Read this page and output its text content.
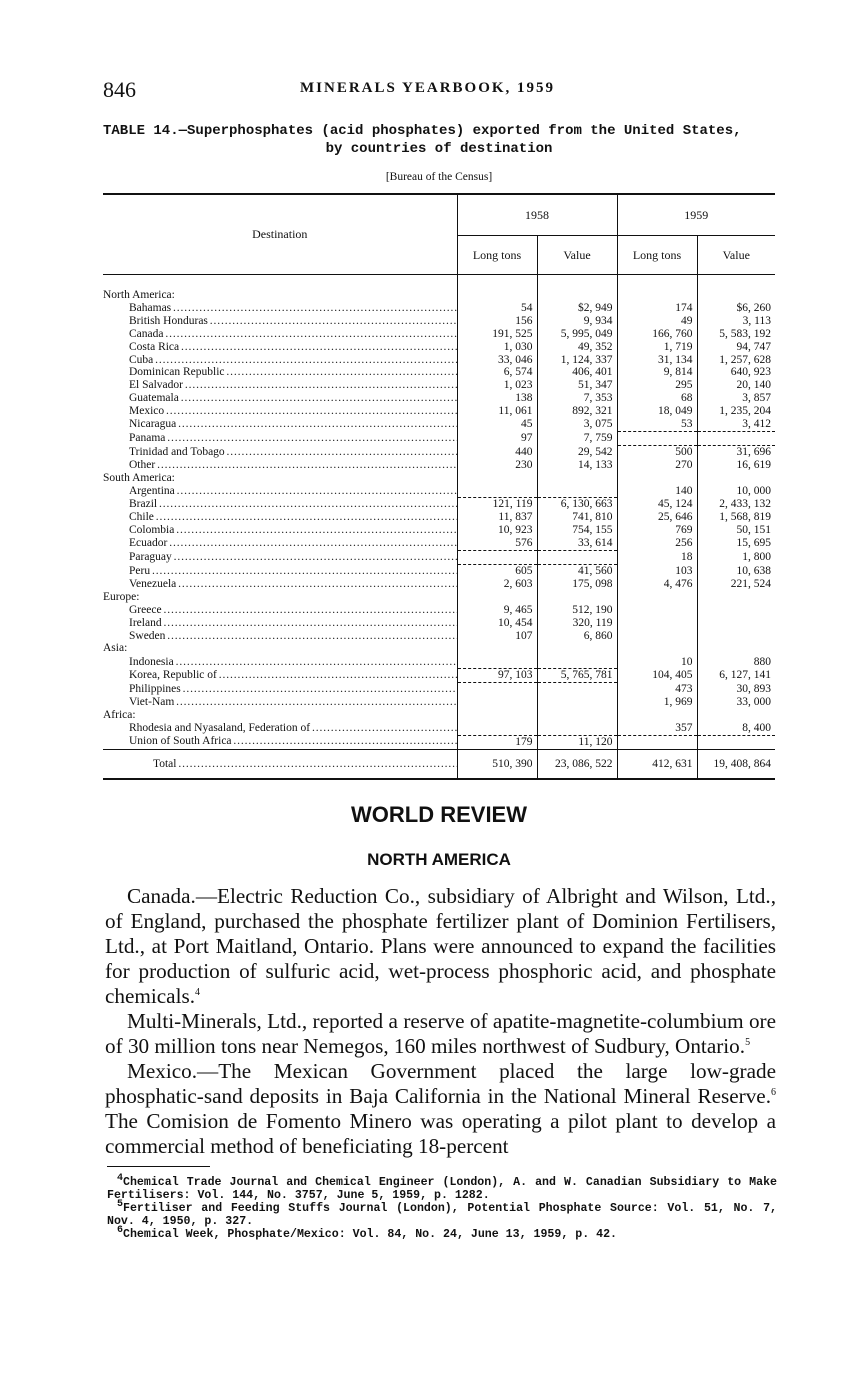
846	MINERALS YEARBOOK, 1959
TABLE 14.—Superphosphates (acid phosphates) exported from the United States,
by countries of destination
[Bureau of the Census]
Destination	1958		1959	
	Long tons	Value	Long tons	Value

North America:				

Bahamas . . .	54	$2, 949	174	$6, 260

British Honduras . . .	156	9, 934	49	3, 113

Canada . . .	191, 525	5, 995, 049	166, 760	5, 583, 192

Costa Rica . . .	1, 030	49, 352	1, 719	94, 747

Cuba . . .	33, 046	1, 124, 337	31, 134	1, 257, 628

Dominican Republic . . .	6, 574	406, 401	9, 814	640, 923

El Salvador . . .	1, 023	51, 347	295	20, 140

Guatemala . . .	138	7, 353	68	3, 857

Mexico . . .	11, 061	892, 321	18, 049	1, 235, 204

Nicaragua . . .	45	3, 075	53	3, 412

Panama . . .	97	7, 759		

Trinidad and Tobago . . .	440	29, 542	500	31, 696

Other . . .	230	14, 133	270	16, 619

South America:				

Argentina . . .			140	10, 000

Brazil . . .	121, 119	6, 130, 663	45, 124	2, 433, 132

Chile . . .	11, 837	741, 810	25, 646	1, 568, 819

Colombia . . .	10, 923	754, 155	769	50, 151

Ecuador . . .	576	33, 614	256	15, 695

Paraguay . . .			18	1, 800

Peru . . .	605	41, 560	103	10, 638

Venezuela . . .	2, 603	175, 098	4, 476	221, 524

Europe:				

Greece . . .	9, 465	512, 190		

Ireland . . .	10, 454	320, 119		

Sweden . . .	107	6, 860		

Asia:				

Indonesia . . .			10	880

Korea, Republic of . . .	97, 103	5, 765, 781	104, 405	6, 127, 141

Philippines . . .			473	30, 893

Viet-Nam . . .			1, 969	33, 000

Africa:				

Rhodesia and Nyasaland, Federation of . . .			357	8, 400

Union of South Africa . . .	179	11, 120		

Total . . .	510, 390	23, 086, 522	412, 631	19, 408, 864
WORLD REVIEW
NORTH AMERICA

Canada.—Electric Reduction Co., subsidiary of Albright and Wilson, Ltd., of England, purchased the phosphate fertilizer plant of Dominion Fertilisers, Ltd., at Port Maitland, Ontario. Plans were announced to expand the facilities for production of sulfuric acid, wet-process phosphoric acid, and phosphate chemicals.$^4$

Multi-Minerals, Ltd., reported a reserve of apatite-magnetite-columbium ore of 30 million tons near Nemegos, 160 miles northwest of Sudbury, Ontario.$^5$

Mexico.—The Mexican Government placed the large low-grade phosphatic-sand deposits in Baja California in the National Mineral Reserve.$^6$ The Comision de Fomento Minero was operating a pilot plant to develop a commercial method of beneficiating 18-percent

$^4$Chemical Trade Journal and Chemical Engineer (London), A. and W. Canadian Subsidiary to Make Fertilisers: Vol. 144, No. 3757, June 5, 1959, p. 1282.

$^5$Fertiliser and Feeding Stuffs Journal (London), Potential Phosphate Source: Vol. 51, No. 7, Nov. 4, 1950, p. 327.

$^6$Chemical Week, Phosphate/Mexico: Vol. 84, No. 24, June 13, 1959, p. 42.
